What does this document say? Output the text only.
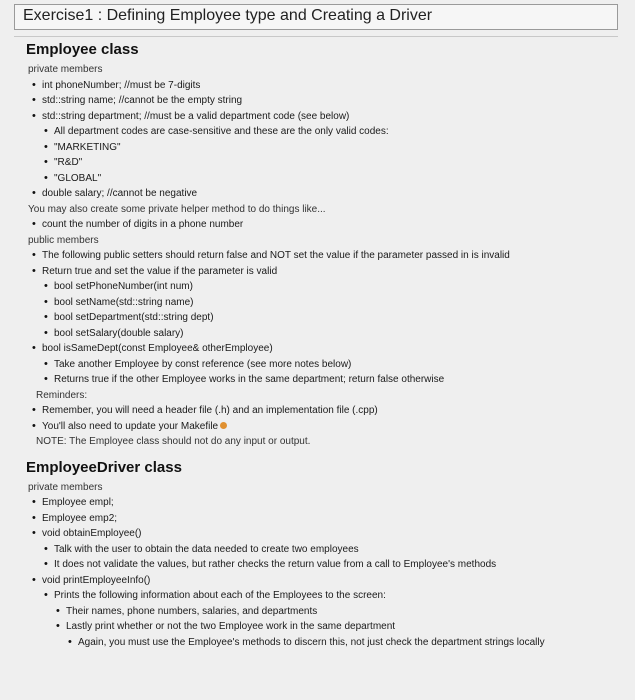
Exercise1 : Defining Employee type and Creating a Driver
Employee class
private members
• int phoneNumber; //must be 7-digits
• std::string name; //cannot be the empty string
• std::string department; //must be a valid department code (see below)
• All department codes are case-sensitive and these are the only valid codes:
• "MARKETING"
• "R&D"
• "GLOBAL"
• double salary; //cannot be negative
You may also create some private helper method to do things like...
• count the number of digits in a phone number
public members
• The following public setters should return false and NOT set the value if the parameter passed in is invalid
• Return true and set the value if the parameter is valid
• bool setPhoneNumber(int num)
• bool setName(std::string name)
• bool setDepartment(std::string dept)
• bool setSalary(double salary)
• bool isSameDept(const Employee& otherEmployee)
• Take another Employee by const reference (see more notes below)
• Returns true if the other Employee works in the same department; return false otherwise
Reminders:
• Remember, you will need a header file (.h) and an implementation file (.cpp)
• You'll also need to update your Makefile
NOTE: The Employee class should not do any input or output.
EmployeeDriver class
private members
• Employee empl;
• Employee emp2;
• void obtainEmployee()
• Talk with the user to obtain the data needed to create two employees
• It does not validate the values, but rather checks the return value from a call to Employee's methods
• void printEmployeeInfo()
• Prints the following information about each of the Employees to the screen:
• Their names, phone numbers, salaries, and departments
• Lastly print whether or not the two Employee work in the same department
• Again, you must use the Employee's methods to discern this, not just check the department strings locally
